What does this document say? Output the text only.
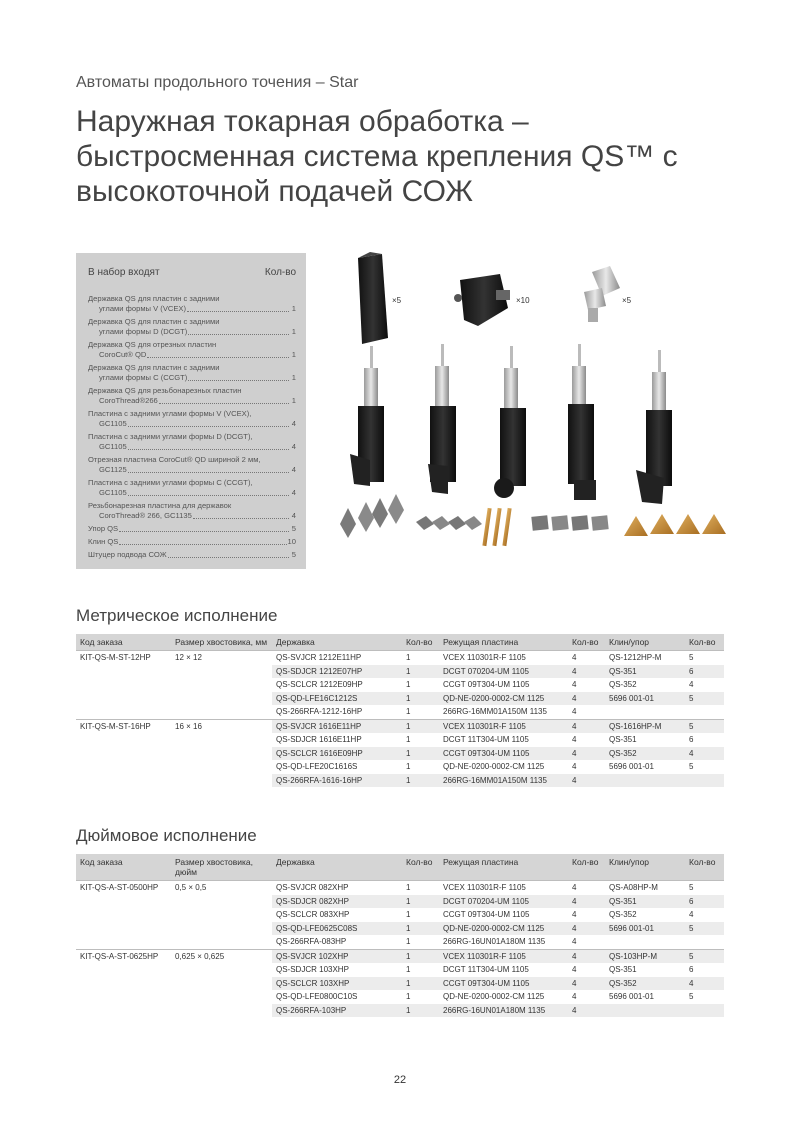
Автоматы продольного точения – Star
Наружная токарная обработка –
быстросменная система крепления QS™ с
высокоточной подачей СОЖ
В набор входят	Кол-во
Державка QS для пластин с задними
углами формы V (VCEX)	1
Державка QS для пластин с задними
углами формы D (DCGT)	1
Державка QS для отрезных пластин
CoroCut® QD	1
Державка QS для пластин с задними
углами формы С (CCGT)	1
Державка QS для резьбонарезных пластин
CoroThread®266	1
Пластина с задними углами формы V (VCEX),
GC1105	4
Пластина с задними углами формы D (DCGT),
GC1105	4
Отрезная пластина CoroCut® QD шириной 2 мм,
GC1125	4
Пластина с задними углами формы C (CCGT),
GC1105	4
Резьбонарезная пластина для державок
CoroThread® 266, GC1135	4
Упор QS	5
Клин QS	10
Штуцер подвода СОЖ	5
×5	×10	×5
Метрическое исполнение
Код заказа	Размер хвостовика, мм	Державка	Кол-во	Режущая пластина	Кол-во	Клин/упор	Кол-во
KIT-QS-M-ST-12HP	12 × 12	QS-SVJCR 1212E11HP	1	VCEX 110301R-F 1105	4	QS-1212HP-M	5
		QS-SDJCR 1212E07HP	1	DCGT 070204-UM 1105	4	QS-351	6
		QS-SCLCR 1212E09HP	1	CCGT 09T304-UM 1105	4	QS-352	4
		QS-QD-LFE16C1212S	1	QD-NE-0200-0002-CM 1125	4	5696 001-01	5
		QS-266RFA-1212-16HP	1	266RG-16MM01A150M 1135	4		
KIT-QS-M-ST-16HP	16 × 16	QS-SVJCR 1616E11HP	1	VCEX 110301R-F 1105	4	QS-1616HP-M	5
		QS-SDJCR 1616E11HP	1	DCGT 11T304-UM 1105	4	QS-351	6
		QS-SCLCR 1616E09HP	1	CCGT 09T304-UM 1105	4	QS-352	4
		QS-QD-LFE20C1616S	1	QD-NE-0200-0002-CM 1125	4	5696 001-01	5
		QS-266RFA-1616-16HP	1	266RG-16MM01A150M 1135	4		
Дюймовое исполнение
Код заказа	Размер хвостовика, дюйм	Державка	Кол-во	Режущая пластина	Кол-во	Клин/упор	Кол-во
KIT-QS-A-ST-0500HP	0,5 × 0,5	QS-SVJCR 082XHP	1	VCEX 110301R-F 1105	4	QS-A08HP-M	5
		QS-SDJCR 082XHP	1	DCGT 070204-UM 1105	4	QS-351	6
		QS-SCLCR 083XHP	1	CCGT 09T304-UM 1105	4	QS-352	4
		QS-QD-LFE0625C08S	1	QD-NE-0200-0002-CM 1125	4	5696 001-01	5
		QS-266RFA-083HP	1	266RG-16UN01A180M 1135	4		
KIT-QS-A-ST-0625HP	0,625 × 0,625	QS-SVJCR 102XHP	1	VCEX 110301R-F 1105	4	QS-103HP-M	5
		QS-SDJCR 103XHP	1	DCGT 11T304-UM 1105	4	QS-351	6
		QS-SCLCR 103XHP	1	CCGT 09T304-UM 1105	4	QS-352	4
		QS-QD-LFE0800C10S	1	QD-NE-0200-0002-CM 1125	4	5696 001-01	5
		QS-266RFA-103HP	1	266RG-16UN01A180M 1135	4		
22
